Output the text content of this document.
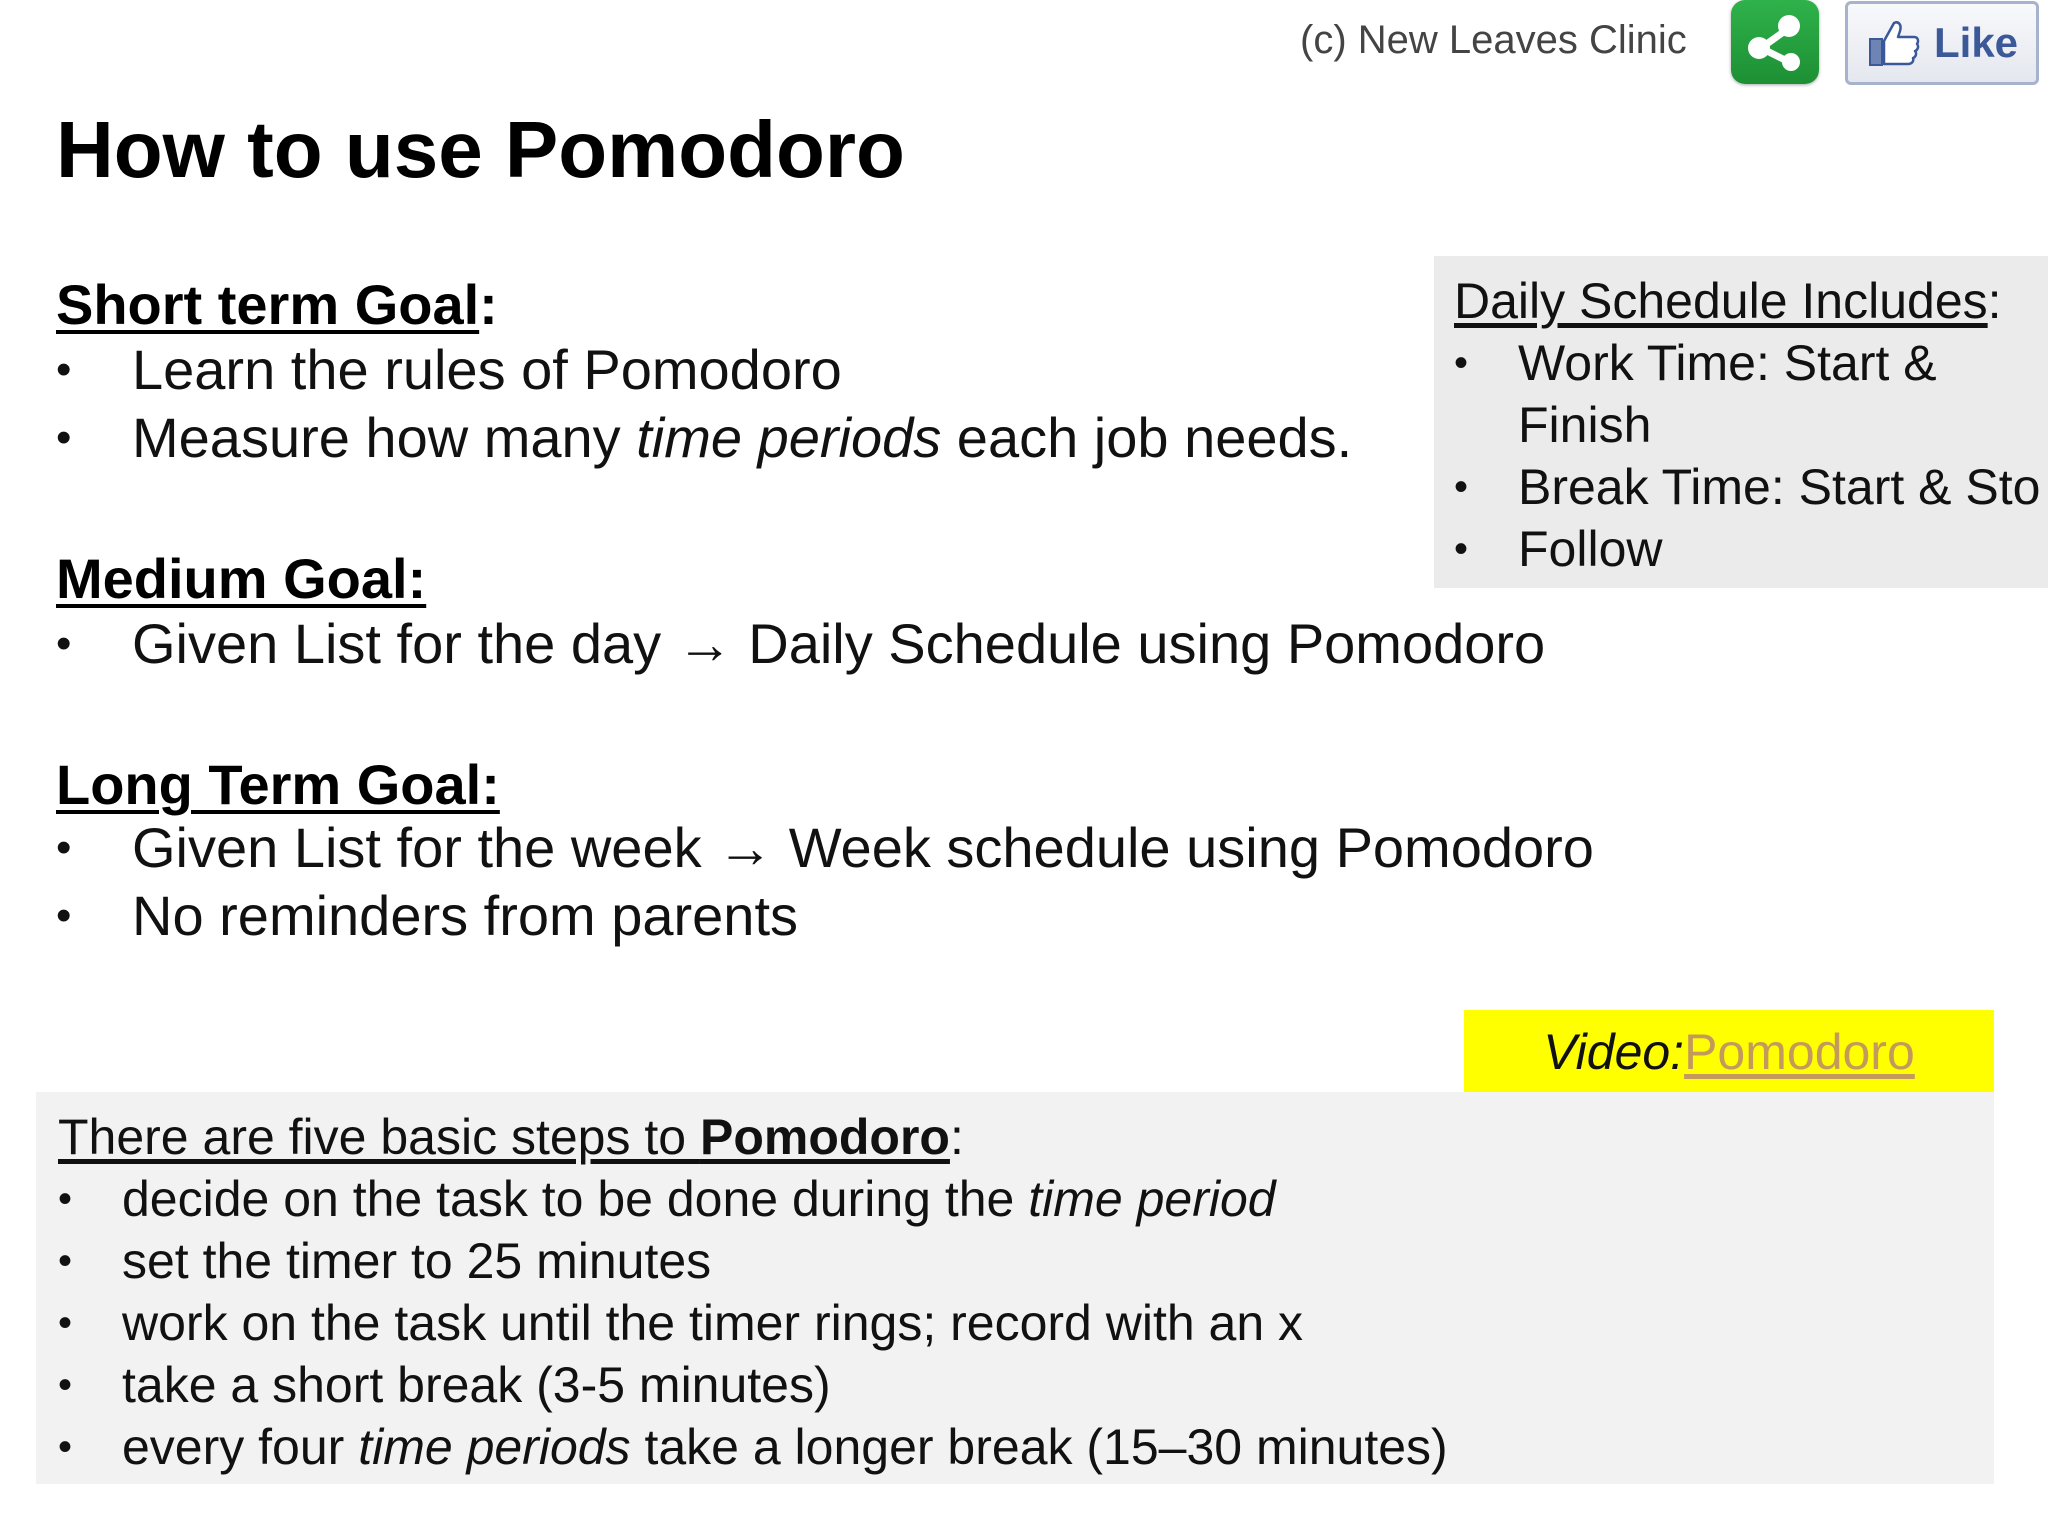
(c) New Leaves Clinic	Like
How to use Pomodoro
Short term Goal:
• Learn the rules of Pomodoro
• Measure how many time periods each job needs.
Medium Goal:
• Given List for the day → Daily Schedule using Pomodoro
Long Term Goal:
• Given List for the week → Week schedule using Pomodoro
• No reminders from parents
Daily Schedule Includes:
• Work Time: Start &
Finish
• Break Time: Start & Sto
• Follow
Video: Pomodoro
There are five basic steps to Pomodoro:
• decide on the task to be done during the time period
• set the timer to 25 minutes
• work on the task until the timer rings; record with an x
• take a short break (3-5 minutes)
• every four time periods take a longer break (15–30 minutes)
